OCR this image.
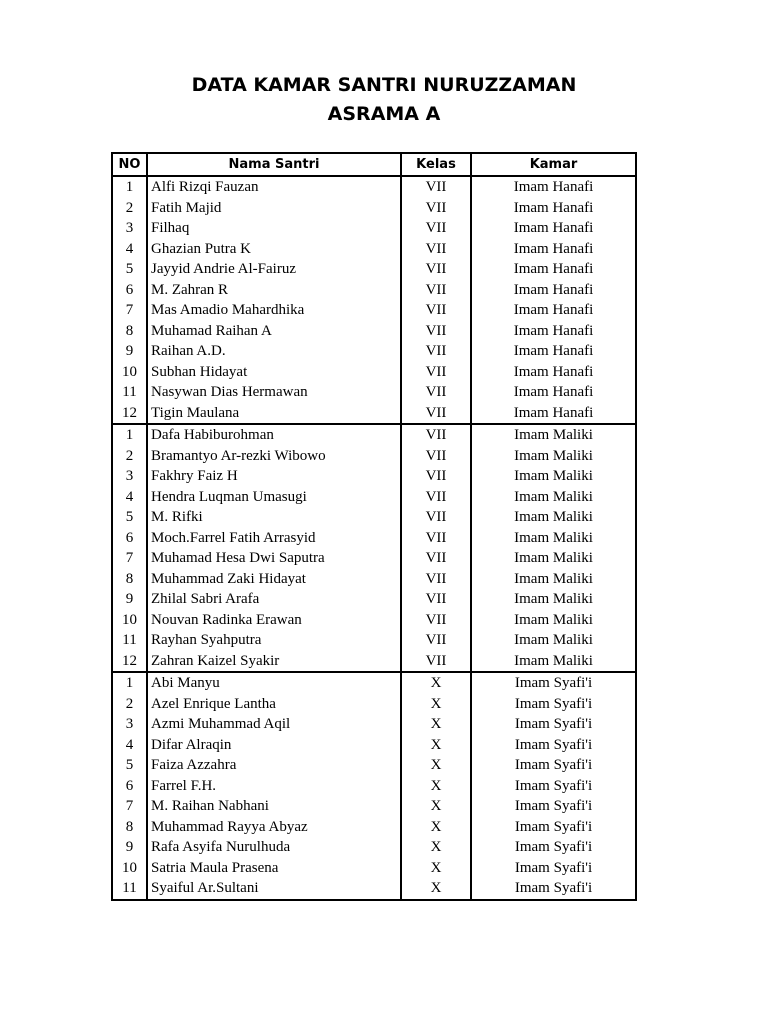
DATA KAMAR SANTRI NURUZZAMAN
ASRAMA A
NO	Nama Santri	Kelas	Kamar
1	Alfi Rizqi Fauzan	VII	Imam Hanafi
2	Fatih Majid	VII	Imam Hanafi
3	Filhaq	VII	Imam Hanafi
4	Ghazian Putra K	VII	Imam Hanafi
5	Jayyid Andrie Al-Fairuz	VII	Imam Hanafi
6	M. Zahran R	VII	Imam Hanafi
7	Mas Amadio Mahardhika	VII	Imam Hanafi
8	Muhamad Raihan A	VII	Imam Hanafi
9	Raihan A.D.	VII	Imam Hanafi
10	Subhan Hidayat	VII	Imam Hanafi
11	Nasywan Dias Hermawan	VII	Imam Hanafi
12	Tigin Maulana	VII	Imam Hanafi
1	Dafa Habiburohman	VII	Imam Maliki
2	Bramantyo Ar-rezki Wibowo	VII	Imam Maliki
3	Fakhry Faiz H	VII	Imam Maliki
4	Hendra Luqman Umasugi	VII	Imam Maliki
5	M. Rifki	VII	Imam Maliki
6	Moch.Farrel Fatih Arrasyid	VII	Imam Maliki
7	Muhamad Hesa Dwi Saputra	VII	Imam Maliki
8	Muhammad Zaki Hidayat	VII	Imam Maliki
9	Zhilal Sabri Arafa	VII	Imam Maliki
10	Nouvan Radinka Erawan	VII	Imam Maliki
11	Rayhan Syahputra	VII	Imam Maliki
12	Zahran Kaizel Syakir	VII	Imam Maliki
1	Abi Manyu	X	Imam Syafi'i
2	Azel Enrique Lantha	X	Imam Syafi'i
3	Azmi Muhammad Aqil	X	Imam Syafi'i
4	Difar Alraqin	X	Imam Syafi'i
5	Faiza Azzahra	X	Imam Syafi'i
6	Farrel F.H.	X	Imam Syafi'i
7	M. Raihan Nabhani	X	Imam Syafi'i
8	Muhammad Rayya Abyaz	X	Imam Syafi'i
9	Rafa Asyifa Nurulhuda	X	Imam Syafi'i
10	Satria Maula Prasena	X	Imam Syafi'i
11	Syaiful Ar.Sultani	X	Imam Syafi'i
